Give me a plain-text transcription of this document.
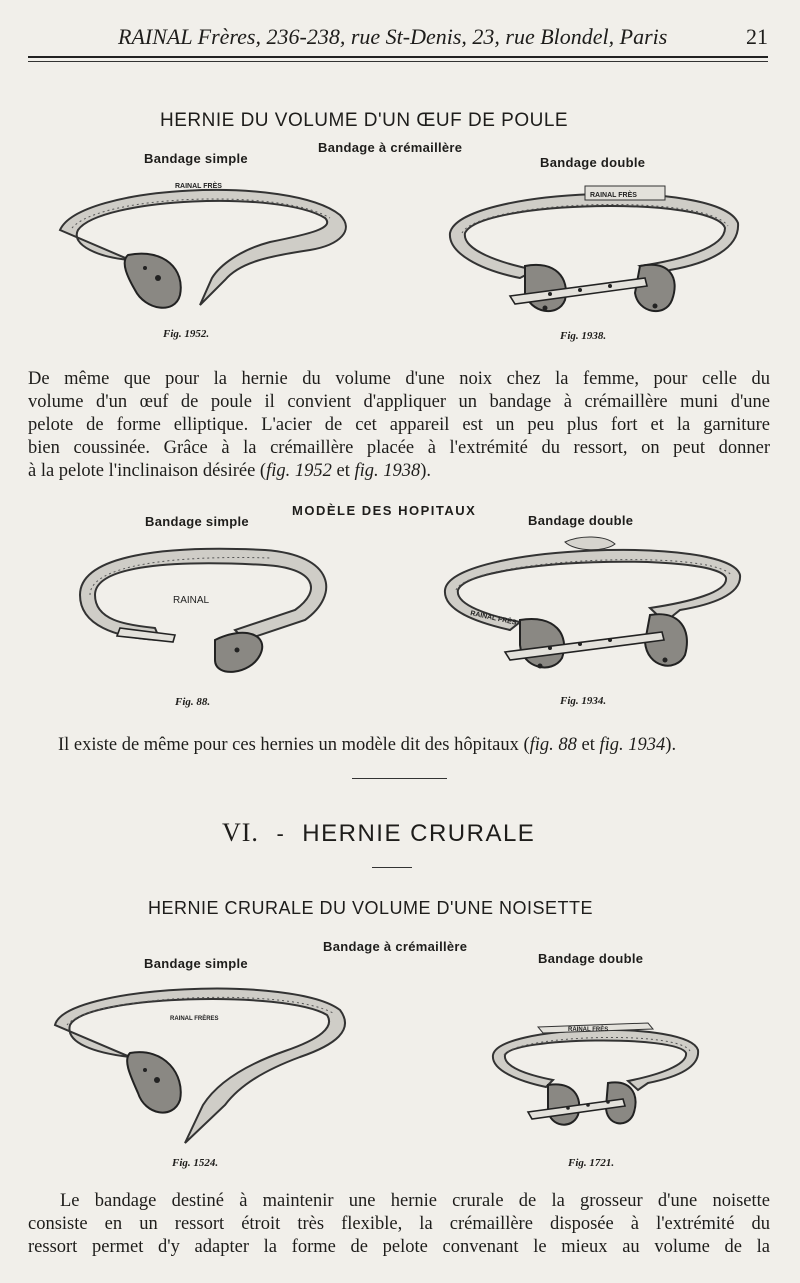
RAINAL Frères, 236-238, rue St-Denis, 23, rue Blondel, Paris	21
HERNIE DU VOLUME D'UN ŒUF DE POULE
Bandage à crémaillère
Bandage simple	Bandage double
RAINAL FRÈS
Fig. 1952.
RAINAL FRÈS
Fig. 1938.
De même que pour la hernie du volume d'une noix chez la femme, pour celle du
volume d'un œuf de poule il convient d'appliquer un bandage à crémaillère muni d'une
pelote de forme elliptique. L'acier de cet appareil est un peu plus fort et la garniture
bien coussinée. Grâce à la crémaillère placée à l'extrémité du ressort, on peut donner
à la pelote l'inclinaison désirée (fig. 1952 et fig. 1938).
MODÈLE DES HOPITAUX
Bandage simple	Bandage double
RAINAL
Fig. 88.
RAINAL FRÈS
Fig. 1934.
Il existe de même pour ces hernies un modèle dit des hôpitaux (fig. 88 et fig. 1934).
VI. - HERNIE CRURALE
HERNIE CRURALE DU VOLUME D'UNE NOISETTE
Bandage à crémaillère
Bandage simple	Bandage double
RAINAL FRÈRES
Fig. 1524.
RAINAL FRÈS
Fig. 1721.
Le bandage destiné à maintenir une hernie crurale de la grosseur d'une noisette
consiste en un ressort étroit très flexible, la crémaillère disposée à l'extrémité du
ressort permet d'y adapter la forme de pelote convenant le mieux au volume de la
